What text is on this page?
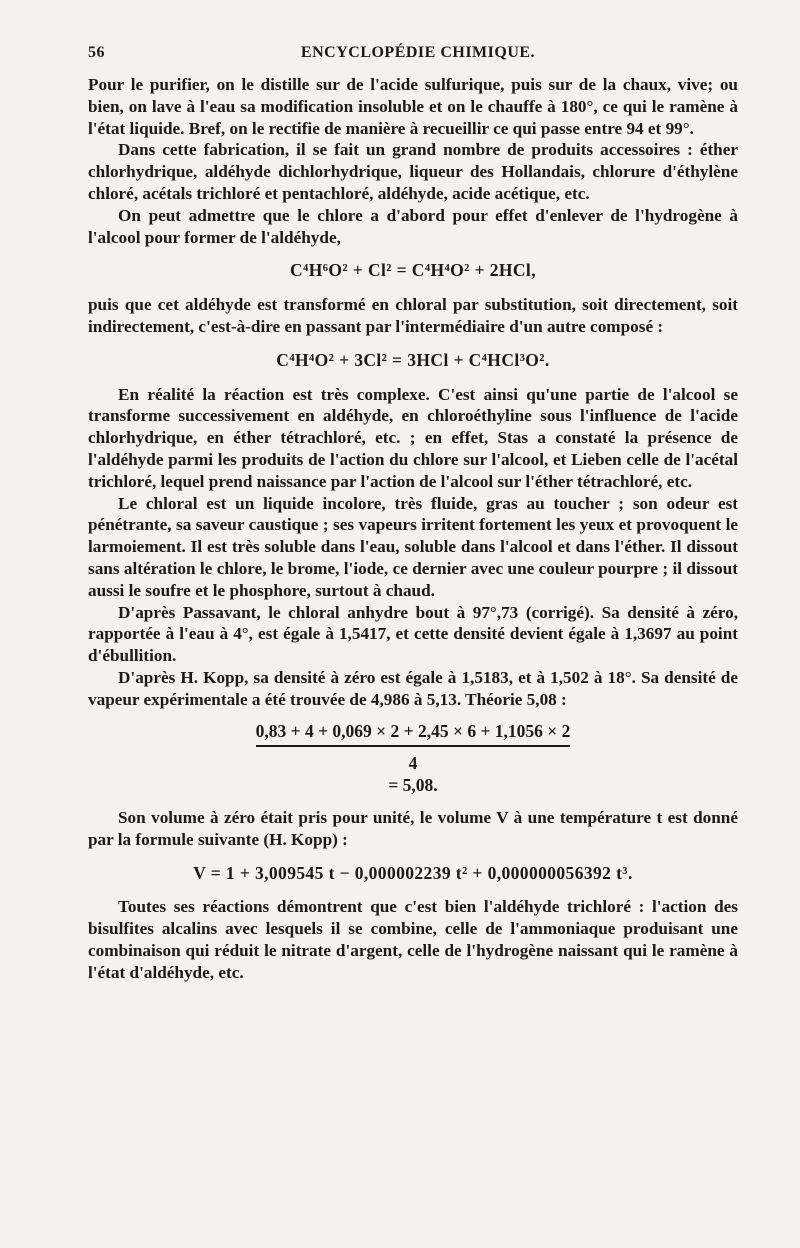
56	ENCYCLOPÉDIE CHIMIQUE.

Pour le purifier, on le distille sur de l'acide sulfurique, puis sur de la chaux, vive; ou bien, on lave à l'eau sa modification insoluble et on le chauffe à 180°, ce qui le ramène à l'état liquide. Bref, on le rectifie de manière à recueillir ce qui passe entre 94 et 99°.

Dans cette fabrication, il se fait un grand nombre de produits accessoires : éther chlorhydrique, aldéhyde dichlorhydrique, liqueur des Hollandais, chlorure d'éthylène chloré, acétals trichloré et pentachloré, aldéhyde, acide acétique, etc.

On peut admettre que le chlore a d'abord pour effet d'enlever de l'hydrogène à l'alcool pour former de l'aldéhyde,

C⁴H⁶O² + Cl² = C⁴H⁴O² + 2HCl,

puis que cet aldéhyde est transformé en chloral par substitution, soit directement, soit indirectement, c'est-à-dire en passant par l'intermédiaire d'un autre composé :

C⁴H⁴O² + 3Cl² = 3HCl + C⁴HCl³O².

En réalité la réaction est très complexe. C'est ainsi qu'une partie de l'alcool se transforme successivement en aldéhyde, en chloroéthyline sous l'influence de l'acide chlorhydrique, en éther tétrachloré, etc. ; en effet, Stas a constaté la présence de l'aldéhyde parmi les produits de l'action du chlore sur l'alcool, et Lieben celle de l'acétal trichloré, lequel prend naissance par l'action de l'alcool sur l'éther tétrachloré, etc.

Le chloral est un liquide incolore, très fluide, gras au toucher ; son odeur est pénétrante, sa saveur caustique ; ses vapeurs irritent fortement les yeux et provoquent le larmoiement. Il est très soluble dans l'eau, soluble dans l'alcool et dans l'éther. Il dissout sans altération le chlore, le brome, l'iode, ce dernier avec une couleur pourpre ; il dissout aussi le soufre et le phosphore, surtout à chaud.

D'après Passavant, le chloral anhydre bout à 97°,73 (corrigé). Sa densité à zéro, rapportée à l'eau à 4°, est égale à 1,5417, et cette densité devient égale à 1,3697 au point d'ébullition.

D'après H. Kopp, sa densité à zéro est égale à 1,5183, et à 1,502 à 18°. Sa densité de vapeur expérimentale a été trouvée de 4,986 à 5,13. Théorie 5,08 :

0,83 + 4 + 0,069 × 2 + 2,45 × 6 + 1,1056 × 2
4
= 5,08.

Son volume à zéro était pris pour unité, le volume V à une température t est donné par la formule suivante (H. Kopp) :

V = 1 + 3,009545 t − 0,000002239 t² + 0,000000056392 t³.

Toutes ses réactions démontrent que c'est bien l'aldéhyde trichloré : l'action des bisulfites alcalins avec lesquels il se combine, celle de l'ammoniaque produisant une combinaison qui réduit le nitrate d'argent, celle de l'hydrogène naissant qui le ramène à l'état d'aldéhyde, etc.
